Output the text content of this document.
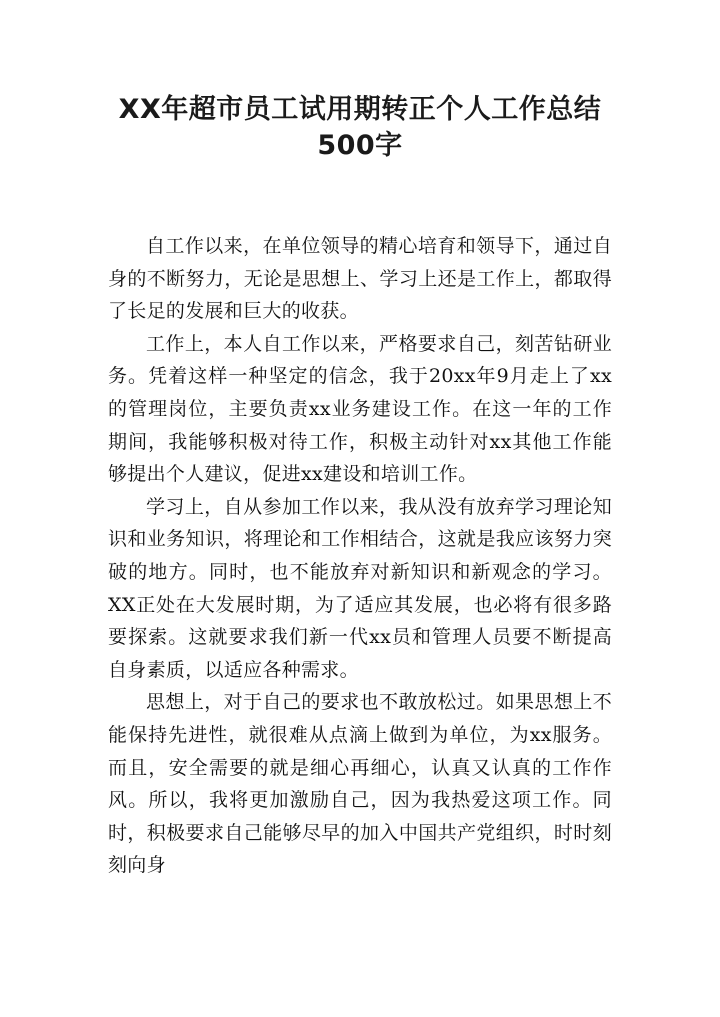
XX年超市员工试用期转正个人工作总结500字

自工作以来，在单位领导的精心培育和领导下，通过自身的不断努力，无论是思想上、学习上还是工作上，都取得了长足的发展和巨大的收获。

工作上，本人自工作以来，严格要求自己，刻苦钻研业务。凭着这样一种坚定的信念，我于20xx年9月走上了xx的管理岗位，主要负责xx业务建设工作。在这一年的工作期间，我能够积极对待工作，积极主动针对xx其他工作能够提出个人建议，促进xx建设和培训工作。

学习上，自从参加工作以来，我从没有放弃学习理论知识和业务知识，将理论和工作相结合，这就是我应该努力突破的地方。同时，也不能放弃对新知识和新观念的学习。XX正处在大发展时期，为了适应其发展，也必将有很多路要探索。这就要求我们新一代xx员和管理人员要不断提高自身素质，以适应各种需求。

思想上，对于自己的要求也不敢放松过。如果思想上不能保持先进性，就很难从点滴上做到为单位，为xx服务。而且，安全需要的就是细心再细心，认真又认真的工作作风。所以，我将更加激励自己，因为我热爱这项工作。同时，积极要求自己能够尽早的加入中国共产党组织，时时刻刻向身
